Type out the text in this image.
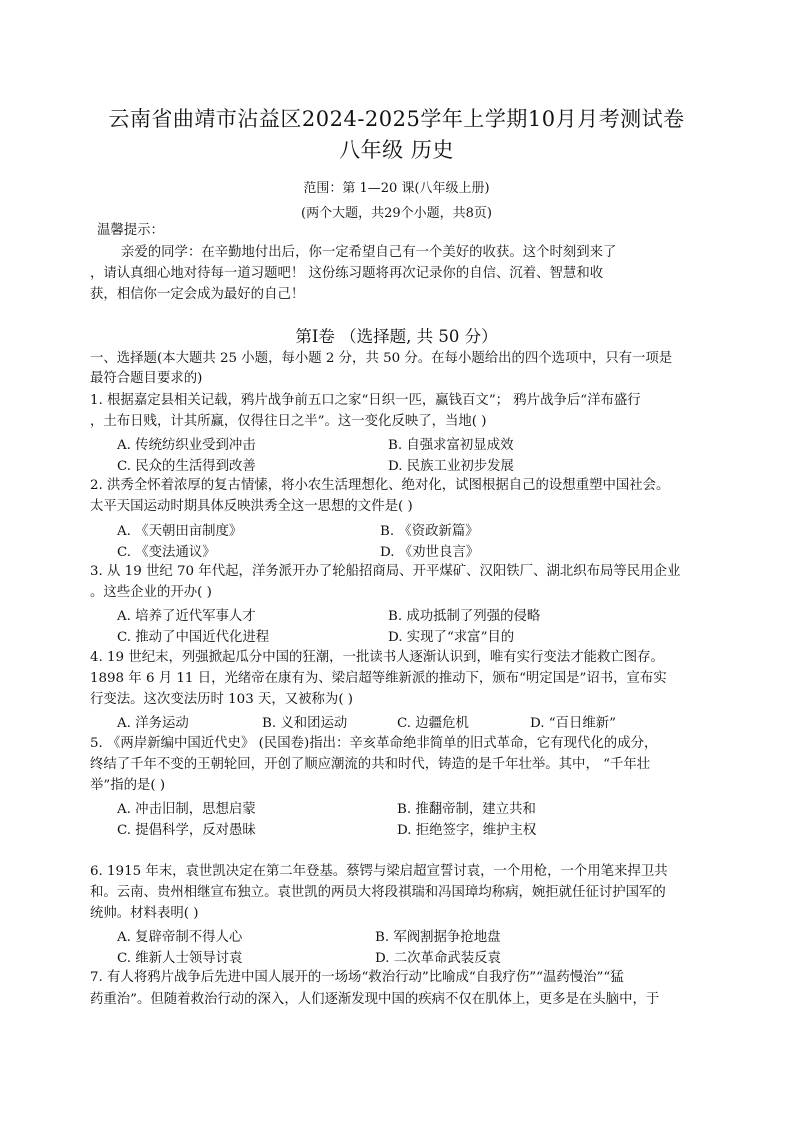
云南省曲靖市沾益区2024-2025学年上学期10月月考测试卷
八年级 历史
范围：第 1—20 课(八年级上册)
(两个大题，共29个小题，共8页)
温馨提示：
亲爱的同学：在辛勤地付出后，你一定希望自己有一个美好的收获。这个时刻到来了
，请认真细心地对待每一道习题吧！ 这份练习题将再次记录你的自信、沉着、智慧和收
获，相信你一定会成为最好的自己！
第Ⅰ卷 （选择题, 共 50 分）
一、选择题(本大题共 25 小题，每小题 2 分，共 50 分。在每小题给出的四个选项中，只有一项是
最符合题目要求的)
1. 根据嘉定县相关记载，鸦片战争前五口之家“日织一匹，赢钱百文”； 鸦片战争后“洋布盛行
，土布日贱，计其所赢，仅得往日之半”。这一变化反映了，当地( )
A. 传统纺织业受到冲击	B. 自强求富初显成效
C. 民众的生活得到改善	D. 民族工业初步发展
2. 洪秀全怀着浓厚的复古情愫，将小农生活理想化、绝对化，试图根据自己的设想重塑中国社会。
太平天国运动时期具体反映洪秀全这一思想的文件是( )
A. 《天朝田亩制度》	B. 《资政新篇》
C. 《变法通议》	D. 《劝世良言》
3. 从 19 世纪 70 年代起，洋务派开办了轮船招商局、开平煤矿、汉阳铁厂、湖北织布局等民用企业
。这些企业的开办( )
A. 培养了近代军事人才	B. 成功抵制了列强的侵略
C. 推动了中国近代化进程	D. 实现了“求富”目的
4. 19 世纪末，列强掀起瓜分中国的狂潮，一批读书人逐渐认识到，唯有实行变法才能救亡图存。
1898 年 6 月 11 日，光绪帝在康有为、梁启超等维新派的推动下，颁布“明定国是”诏书，宣布实
行变法。这次变法历时 103 天，又被称为( )
A. 洋务运动	B. 义和团运动	C. 边疆危机	D. “百日维新”
5. 《两岸新编中国近代史》 (民国卷)指出：辛亥革命绝非简单的旧式革命，它有现代化的成分，
终结了千年不变的王朝轮回，开创了顺应潮流的共和时代，铸造的是千年壮举。其中， “千年壮
举”指的是( )
A. 冲击旧制，思想启蒙	B. 推翻帝制，建立共和
C. 提倡科学，反对愚昧	D. 拒绝签字，维护主权
6. 1915 年末，袁世凯决定在第二年登基。蔡锷与梁启超宣誓讨袁，一个用枪，一个用笔来捍卫共
和。云南、贵州相继宣布独立。袁世凯的两员大将段祺瑞和冯国璋均称病，婉拒就任征讨护国军的
统帅。材料表明( )
A. 复辟帝制不得人心	B. 军阀割据争抢地盘
C. 维新人士领导讨袁	D. 二次革命武装反袁
7. 有人将鸦片战争后先进中国人展开的一场场“救治行动”比喻成“自我疗伤”“温药慢治”“猛
药重治”。但随着救治行动的深入，人们逐渐发现中国的疾病不仅在肌体上，更多是在头脑中，于
